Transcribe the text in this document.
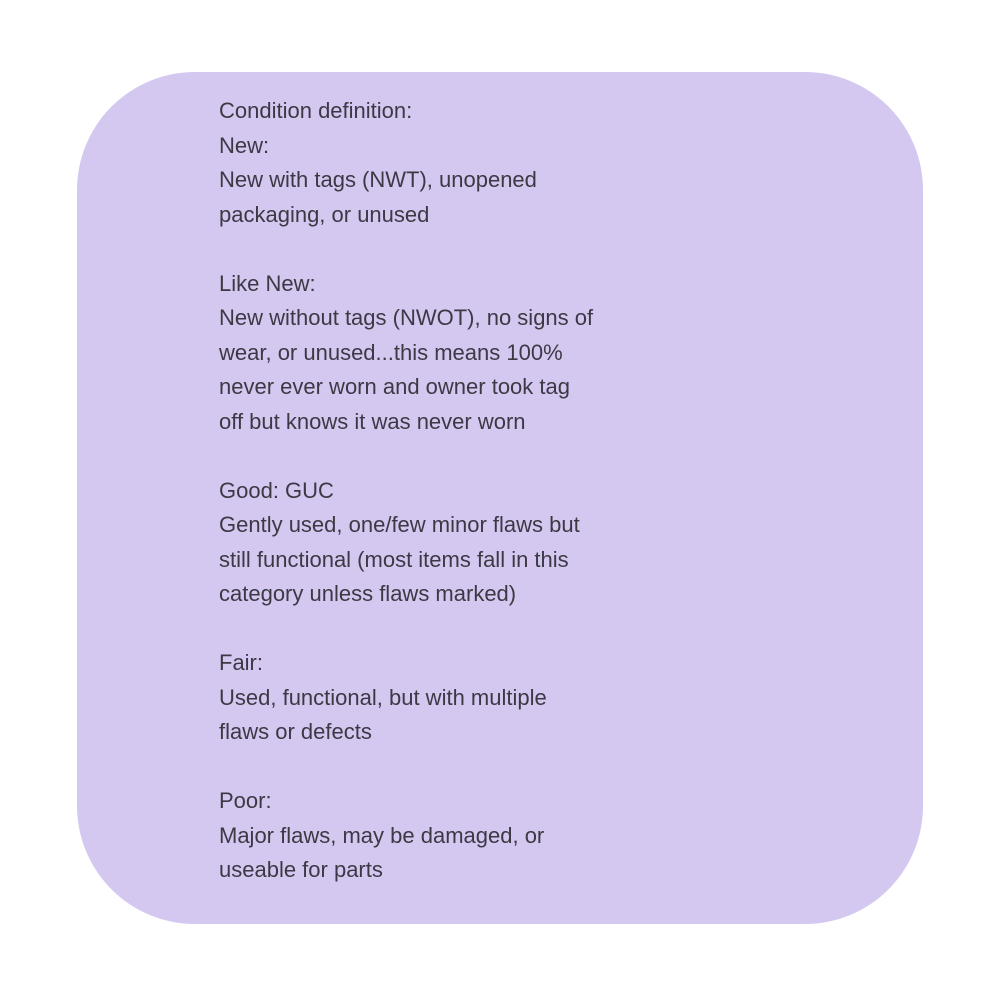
Condition definition:
New:
New with tags (NWT), unopened
packaging, or unused
Like New:
New without tags (NWOT), no signs of
wear, or unused...this means 100%
never ever worn and owner took tag
off but knows it was never worn
Good: GUC
Gently used, one/few minor flaws but
still functional (most items fall in this
category unless flaws marked)
Fair:
Used, functional, but with multiple
flaws or defects
Poor:
Major flaws, may be damaged, or
useable for parts
